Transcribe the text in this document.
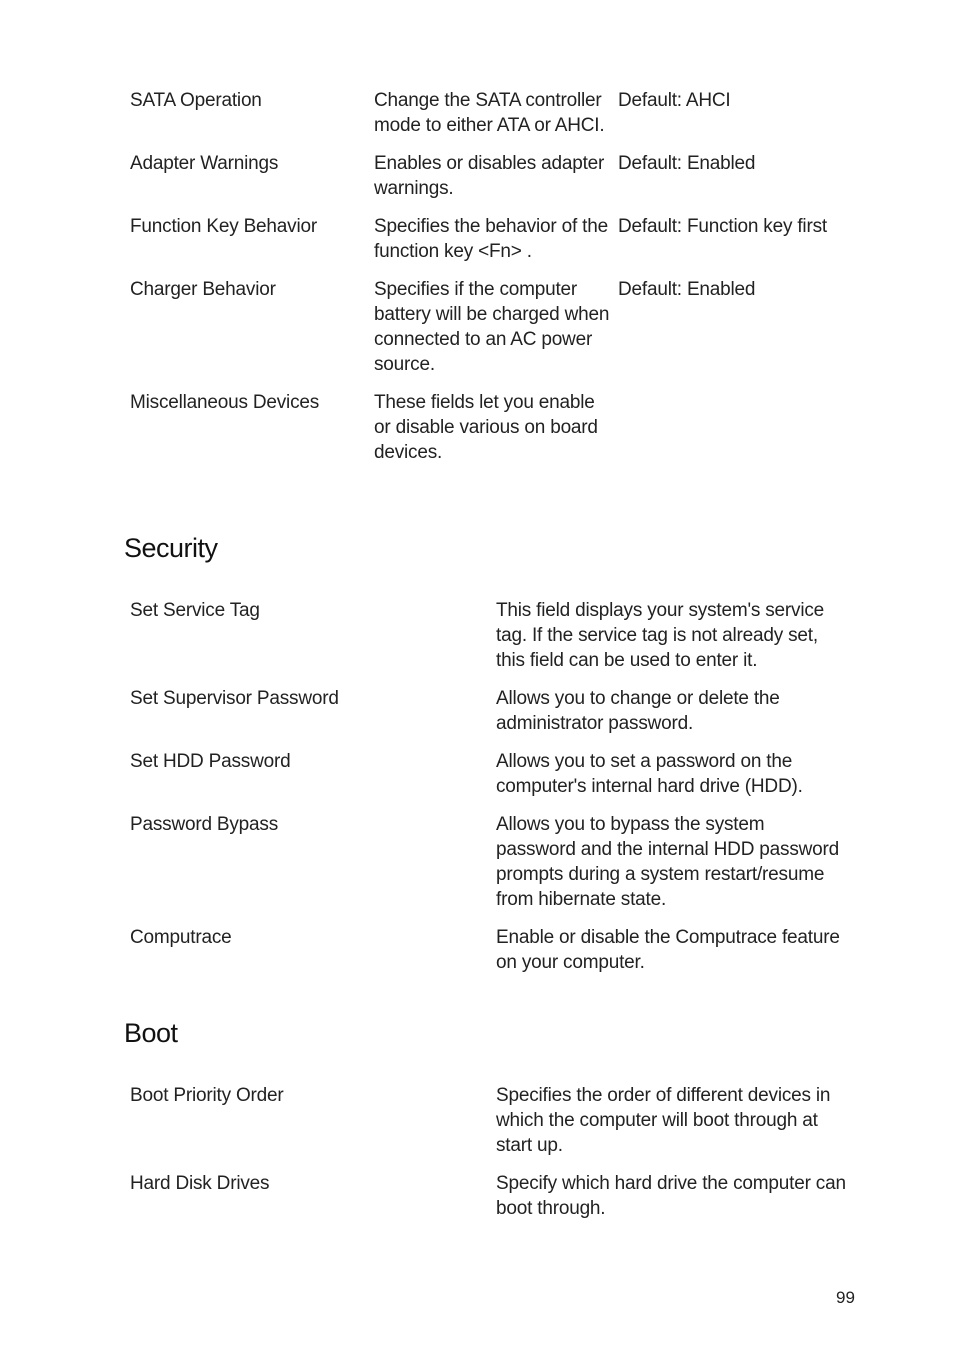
SATA Operation	Change the SATA controller mode to either ATA or AHCI.	Default: AHCI
Adapter Warnings	Enables or disables adapter warnings.	Default: Enabled
Function Key Behavior	Specifies the behavior of the function key <Fn> .	Default: Function key first
Charger Behavior	Specifies if the computer battery will be charged when connected to an AC power source.	Default: Enabled
Miscellaneous Devices	These fields let you enable or disable various on board devices.	
Security
Set Service Tag	This field displays your system's service tag. If the service tag is not already set, this field can be used to enter it.
Set Supervisor Password	Allows you to change or delete the administrator password.
Set HDD Password	Allows you to set a password on the computer's internal hard drive (HDD).
Password Bypass	Allows you to bypass the system password and the internal HDD password prompts during a system restart/resume from hibernate state.
Computrace	Enable or disable the Computrace feature on your computer.
Boot
Boot Priority Order	Specifies the order of different devices in which the computer will boot through at start up.
Hard Disk Drives	Specify which hard drive the computer can boot through.
99
